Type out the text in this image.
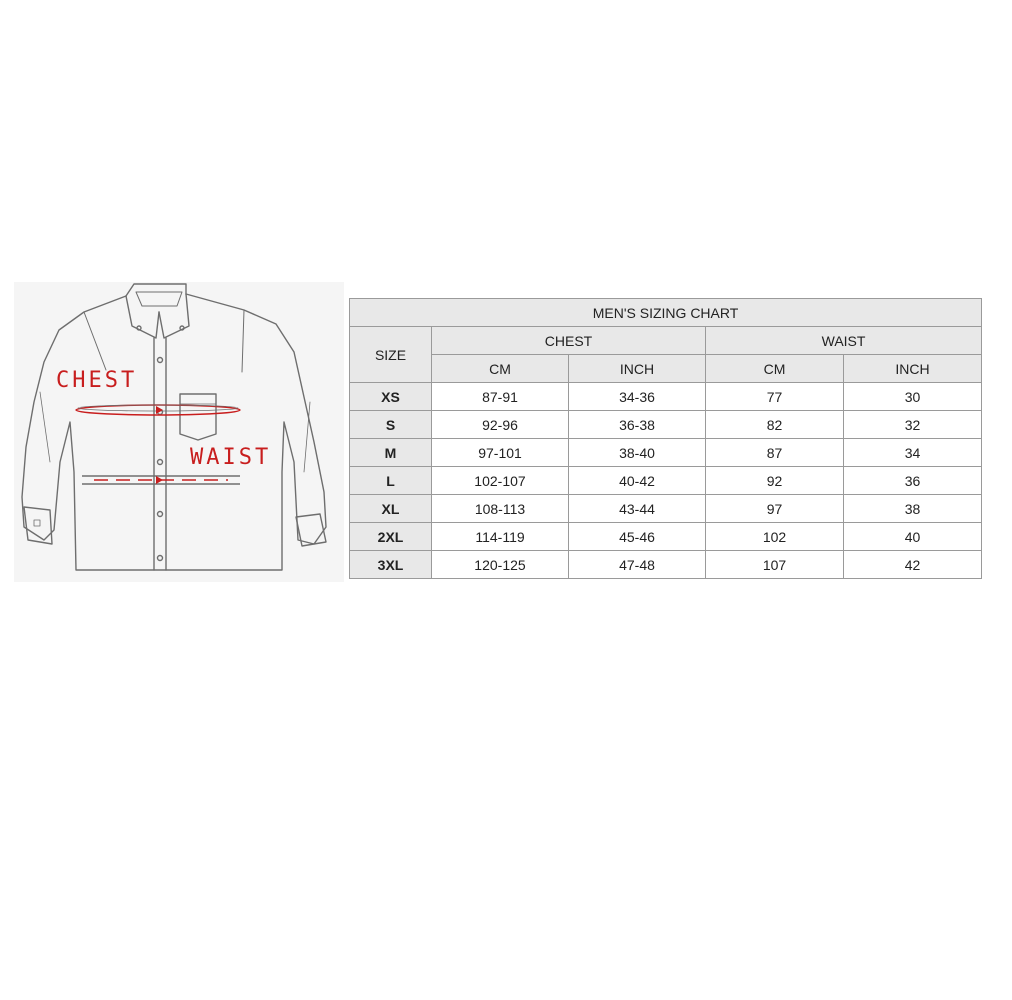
CHEST
WAIST
MEN'S SIZING CHART				
SIZE	CHEST		WAIST	
	CM	INCH	CM	INCH
XS	87-91	34-36	77	30
S	92-96	36-38	82	32
M	97-101	38-40	87	34
L	102-107	40-42	92	36
XL	108-113	43-44	97	38
2XL	114-119	45-46	102	40
3XL	120-125	47-48	107	42
